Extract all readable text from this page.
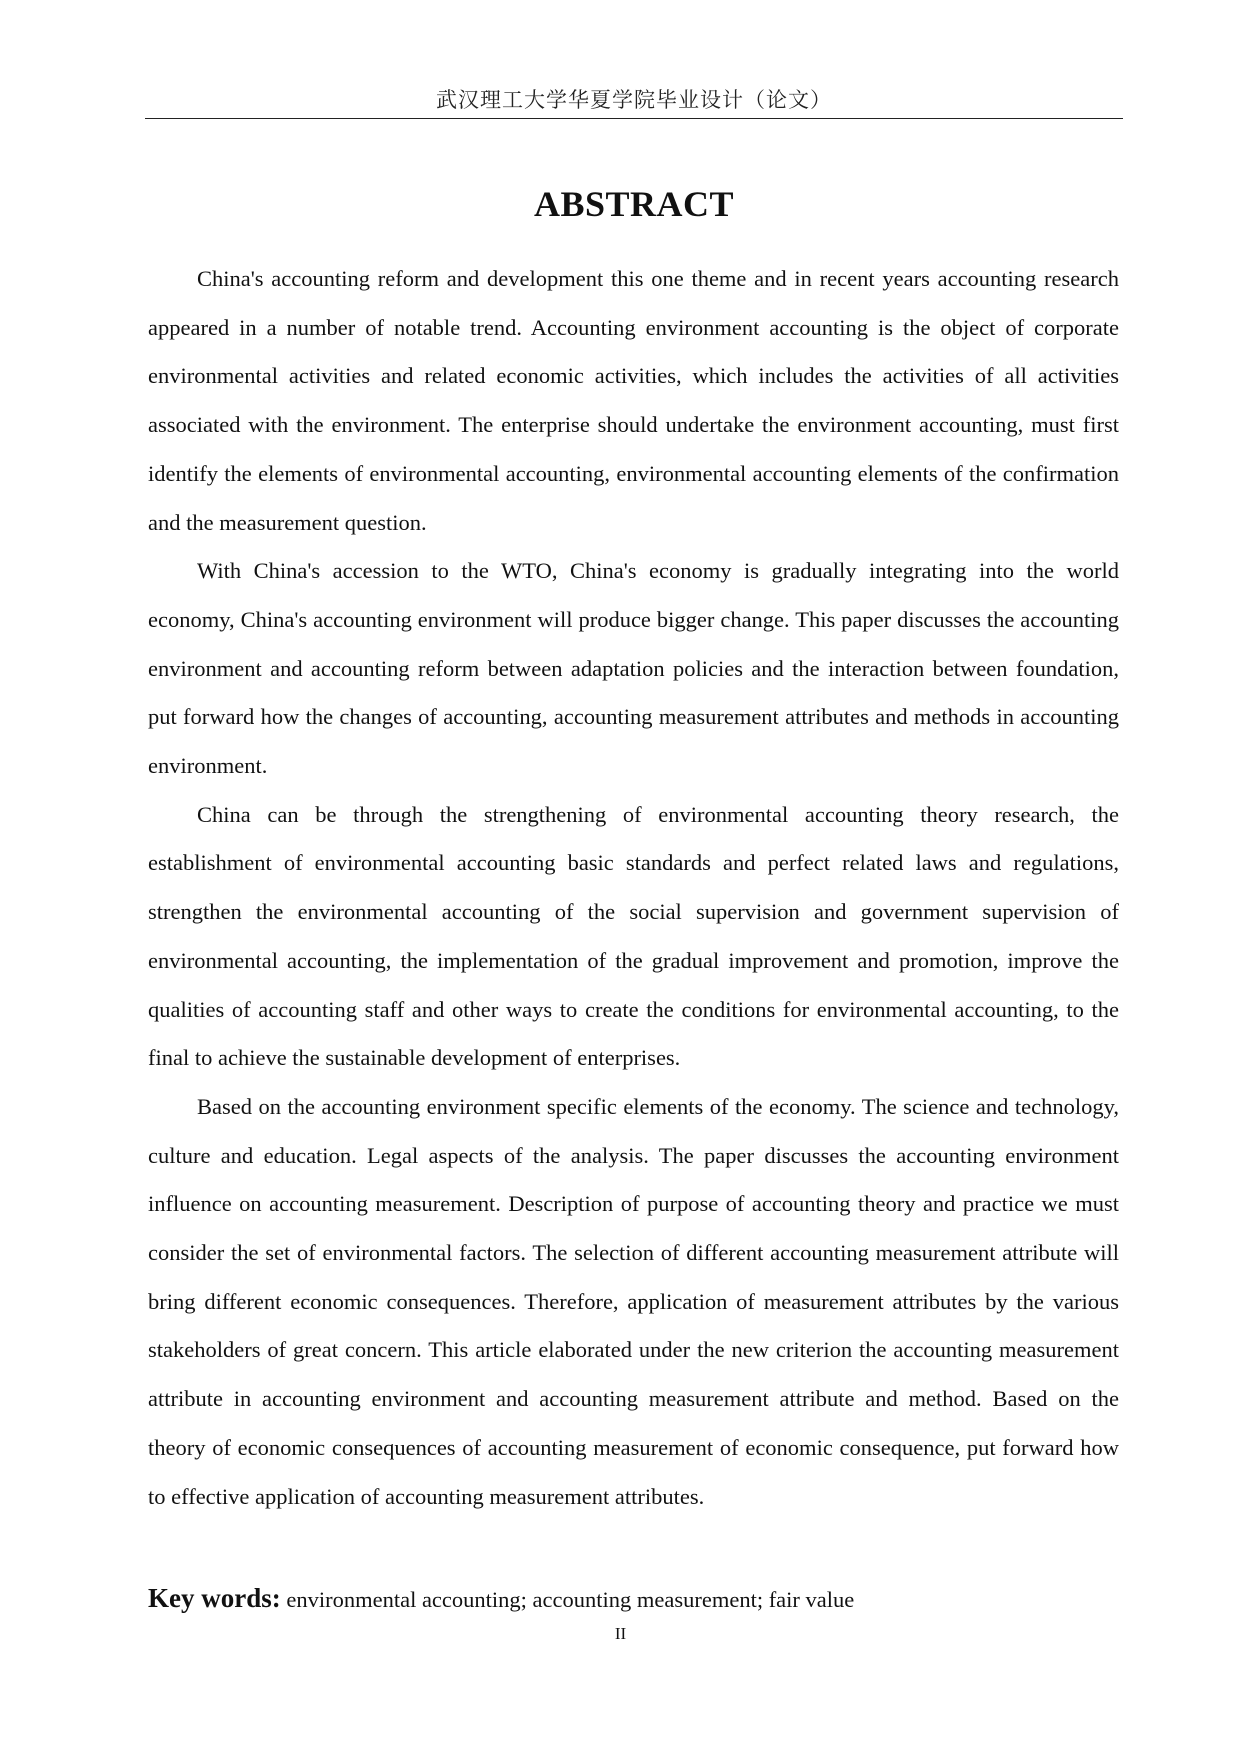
武汉理工大学华夏学院毕业设计（论文）
ABSTRACT

China's accounting reform and development this one theme and in recent years accounting research appeared in a number of notable trend. Accounting environment accounting is the object of corporate environmental activities and related economic activities, which includes the activities of all activities associated with the environment. The enterprise should undertake the environment accounting, must first identify the elements of environmental accounting, environmental accounting elements of the confirmation and the measurement question.

With China's accession to the WTO, China's economy is gradually integrating into the world economy, China's accounting environment will produce bigger change. This paper discusses the accounting environment and accounting reform between adaptation policies and the interaction between foundation, put forward how the changes of accounting, accounting measurement attributes and methods in accounting environment.

China can be through the strengthening of environmental accounting theory research, the establishment of environmental accounting basic standards and perfect related laws and regulations, strengthen the environmental accounting of the social supervision and government supervision of environmental accounting, the implementation of the gradual improvement and promotion, improve the qualities of accounting staff and other ways to create the conditions for environmental accounting, to the final to achieve the sustainable development of enterprises.

Based on the accounting environment specific elements of the economy. The science and technology, culture and education. Legal aspects of the analysis. The paper discusses the accounting environment influence on accounting measurement. Description of purpose of accounting theory and practice we must consider the set of environmental factors. The selection of different accounting measurement attribute will bring different economic consequences. Therefore, application of measurement attributes by the various stakeholders of great concern. This article elaborated under the new criterion the accounting measurement attribute in accounting environment and accounting measurement attribute and method. Based on the theory of economic consequences of accounting measurement of economic consequence, put forward how to effective application of accounting measurement attributes.

Key words: environmental accounting; accounting measurement; fair value
II
